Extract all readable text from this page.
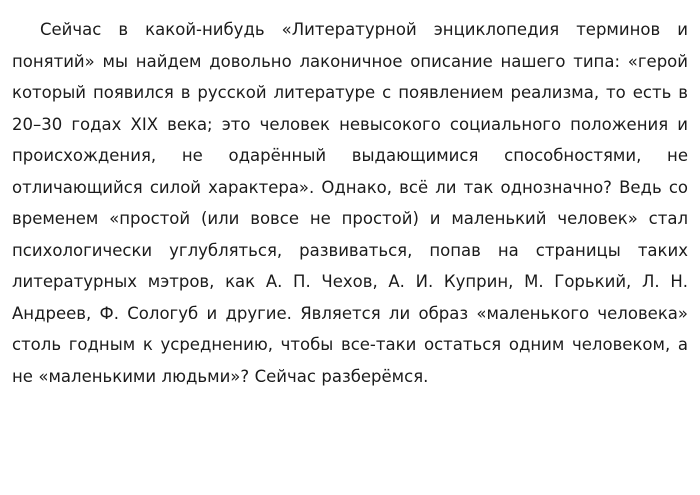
Сейчас в какой-нибудь «Литературной энциклопедия терминов и понятий» мы найдем довольно лаконичное описание нашего типа: «герой который появился в русской литературе с появлением реализма, то есть в 20–30 годах XIX века; это человек невысокого социального положения и происхождения, не одарённый выдающимися способностями, не отличающийся силой характера». Однако, всё ли так однозначно? Ведь со временем «простой (или вовсе не простой) и маленький человек» стал психологически углубляться, развиваться, попав на страницы таких литературных мэтров, как А. П. Чехов, А. И. Куприн, М. Горький, Л. Н. Андреев, Ф. Сологуб и другие. Является ли образ «маленького человека» столь годным к усреднению, чтобы все-таки остаться одним человеком, а не «маленькими людьми»? Сейчас разберёмся.
